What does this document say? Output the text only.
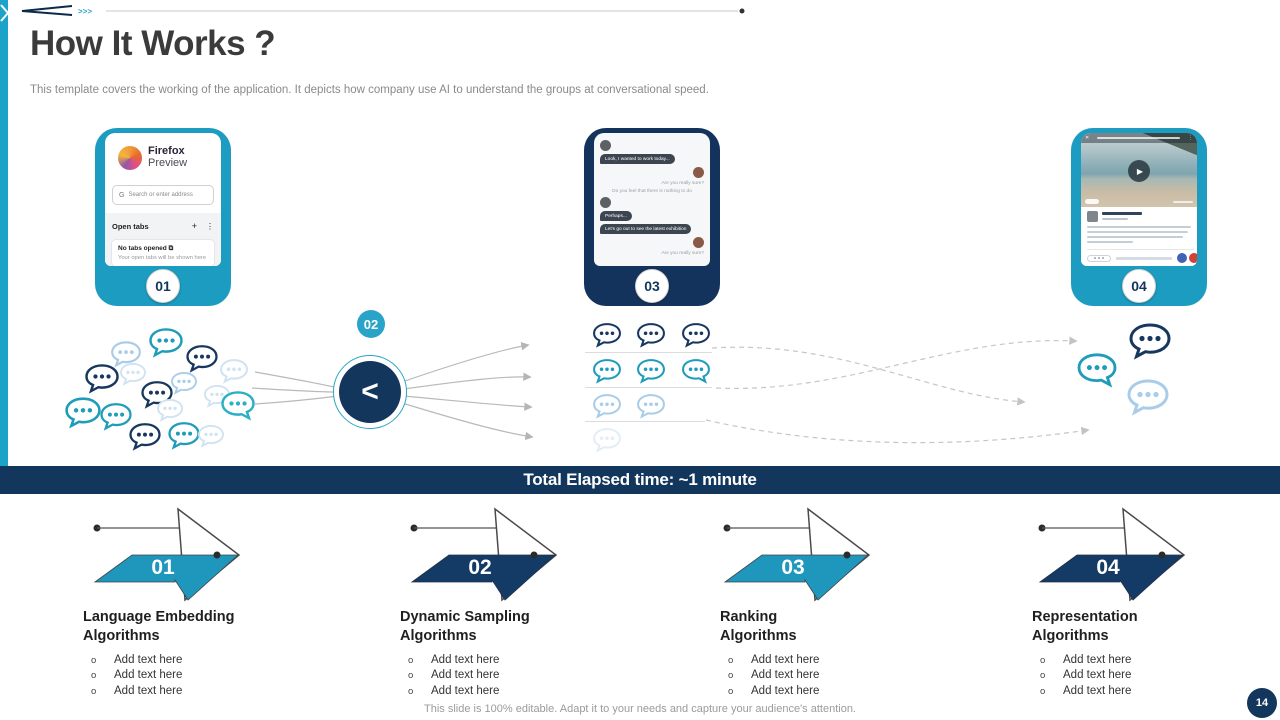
>>>
How It Works ?
This template covers the working of the application. It depicts how company use AI to understand the groups at conversational speed.
Firefox
Preview
G Search or enter address
Open tabs	+ ⋮
No tabs opened ⧉
Your open tabs will be shown here
01
Look, I wanted to work today...
Are you really sure?
Do you feel that there is nothing to do
Perhaps...
Let's go out to see the latest exhibition
Are you really sure?
03
✕	⋮
▶
04
<
02
Total Elapsed time: ~1 minute
01	02	03	04
Language Embedding
Algorithms
o	Add text here
o	Add text here
o	Add text here
Dynamic Sampling
Algorithms
o	Add text here
o	Add text here
o	Add text here
Ranking
Algorithms
o	Add text here
o	Add text here
o	Add text here
Representation
Algorithms
o	Add text here
o	Add text here
o	Add text here
This slide is 100% editable. Adapt it to your needs and capture your audience's attention.	14
